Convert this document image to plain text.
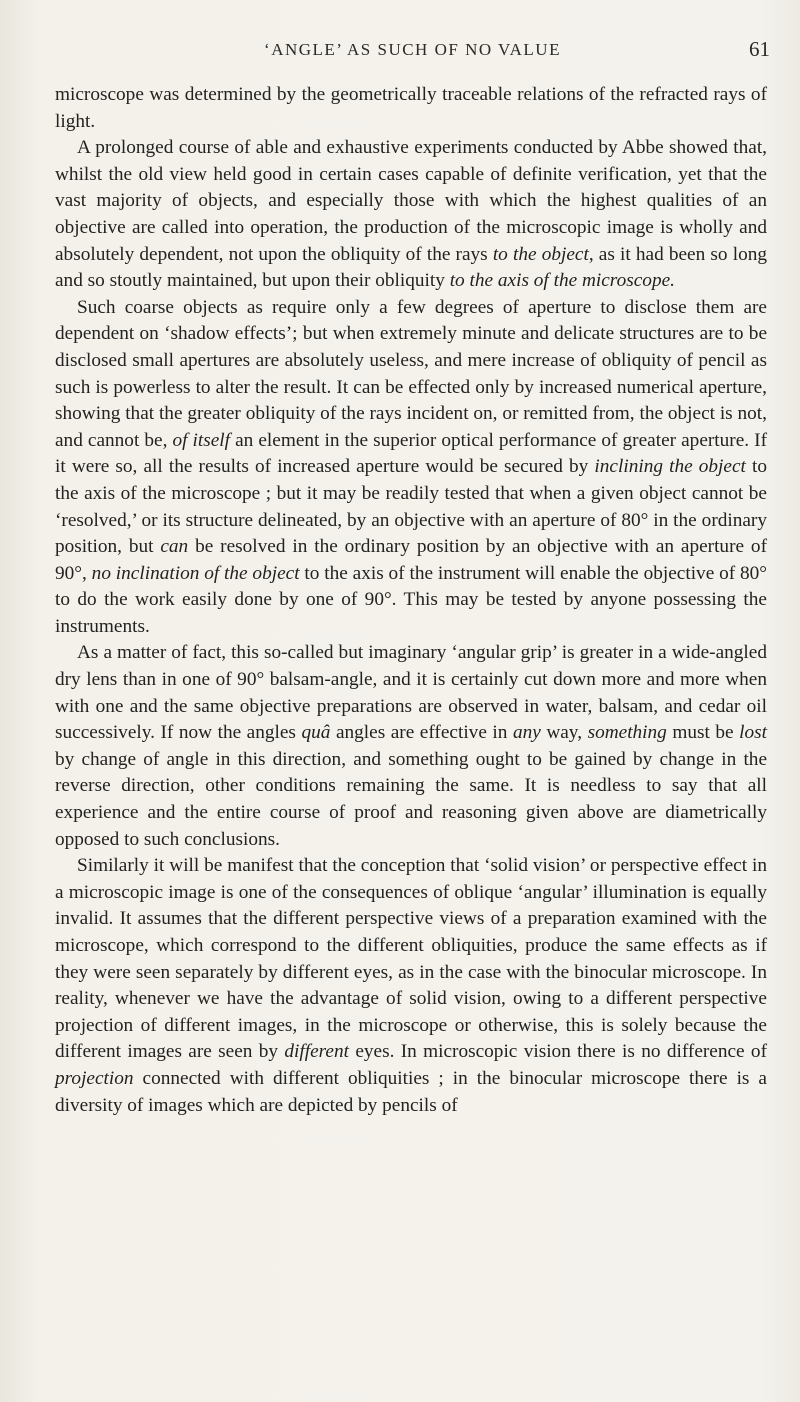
‘ANGLE’ AS SUCH OF NO VALUE	61

microscope was determined by the geometrically traceable relations of the refracted rays of light.

A prolonged course of able and exhaustive experiments conducted by Abbe showed that, whilst the old view held good in certain cases capable of definite verification, yet that the vast majority of objects, and especially those with which the highest qualities of an objective are called into operation, the production of the microscopic image is wholly and absolutely dependent, not upon the obliquity of the rays to the object, as it had been so long and so stoutly maintained, but upon their obliquity to the axis of the microscope.

Such coarse objects as require only a few degrees of aperture to disclose them are dependent on ‘shadow effects’; but when extremely minute and delicate structures are to be disclosed small apertures are absolutely useless, and mere increase of obliquity of pencil as such is powerless to alter the result. It can be effected only by increased numerical aperture, showing that the greater obliquity of the rays incident on, or remitted from, the object is not, and cannot be, of itself an element in the superior optical performance of greater aperture. If it were so, all the results of increased aperture would be secured by inclining the object to the axis of the microscope ; but it may be readily tested that when a given object cannot be ‘resolved,’ or its structure delineated, by an objective with an aperture of 80° in the ordinary position, but can be resolved in the ordinary position by an objective with an aperture of 90°, no inclination of the object to the axis of the instrument will enable the objective of 80° to do the work easily done by one of 90°. This may be tested by anyone possessing the instruments.

As a matter of fact, this so-called but imaginary ‘angular grip’ is greater in a wide-angled dry lens than in one of 90° balsam-angle, and it is certainly cut down more and more when with one and the same objective preparations are observed in water, balsam, and cedar oil successively. If now the angles quâ angles are effective in any way, something must be lost by change of angle in this direction, and something ought to be gained by change in the reverse direction, other conditions remaining the same. It is needless to say that all experience and the entire course of proof and reasoning given above are diametrically opposed to such conclusions.

Similarly it will be manifest that the conception that ‘solid vision’ or perspective effect in a microscopic image is one of the consequences of oblique ‘angular’ illumination is equally invalid. It assumes that the different perspective views of a preparation examined with the microscope, which correspond to the different obliquities, produce the same effects as if they were seen separately by different eyes, as in the case with the binocular microscope. In reality, whenever we have the advantage of solid vision, owing to a different perspective projection of different images, in the microscope or otherwise, this is solely because the different images are seen by different eyes. In microscopic vision there is no difference of projection connected with different obliquities ; in the binocular microscope there is a diversity of images which are depicted by pencils of
